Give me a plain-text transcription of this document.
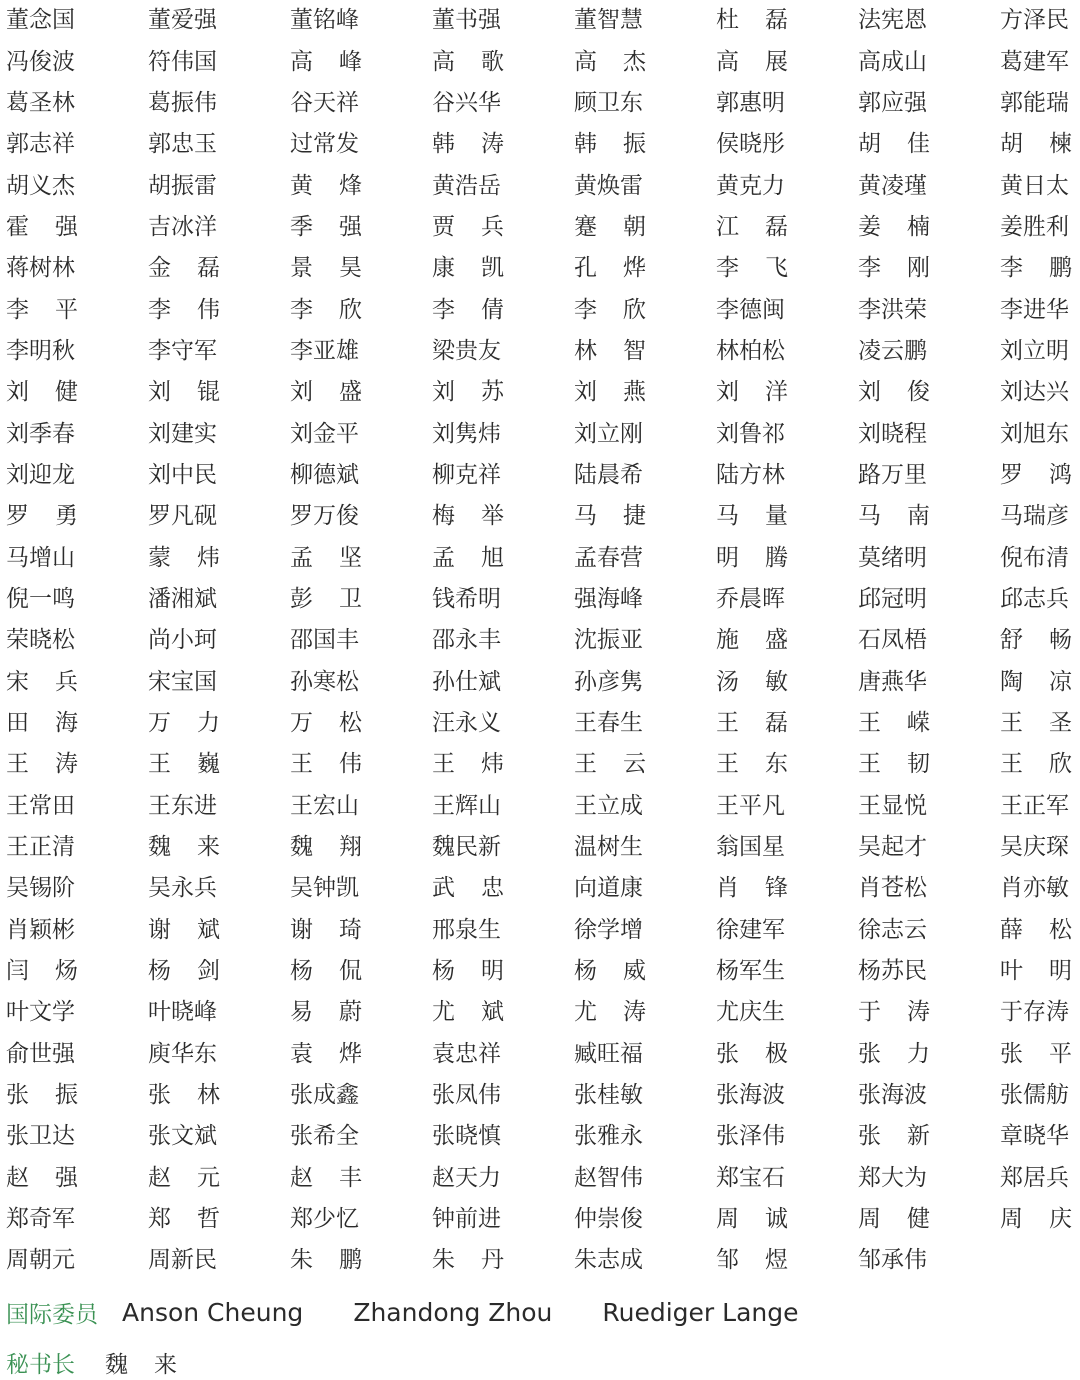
董念国	董爱强	董铭峰	董书强	董智慧	杜磊	法宪恩	方泽民
冯俊波	符伟国	高峰	高歌	高杰	高展	高成山	葛建军
葛圣林	葛振伟	谷天祥	谷兴华	顾卫东	郭惠明	郭应强	郭能瑞
郭志祥	郭忠玉	过常发	韩涛	韩振	侯晓彤	胡佳	胡楝
胡义杰	胡振雷	黄烽	黄浩岳	黄焕雷	黄克力	黄凌瑾	黄日太
霍强	吉冰洋	季强	贾兵	蹇朝	江磊	姜楠	姜胜利
蒋树林	金磊	景昊	康凯	孔烨	李飞	李刚	李鹏
李平	李伟	李欣	李倩	李欣	李德闽	李洪荣	李进华
李明秋	李守军	李亚雄	梁贵友	林智	林柏松	凌云鹏	刘立明
刘健	刘锟	刘盛	刘苏	刘燕	刘洋	刘俊	刘达兴
刘季春	刘建实	刘金平	刘隽炜	刘立刚	刘鲁祁	刘晓程	刘旭东
刘迎龙	刘中民	柳德斌	柳克祥	陆晨希	陆方林	路万里	罗鸿
罗勇	罗凡砚	罗万俊	梅举	马捷	马量	马南	马瑞彦
马增山	蒙炜	孟坚	孟旭	孟春营	明腾	莫绪明	倪布清
倪一鸣	潘湘斌	彭卫	钱希明	强海峰	乔晨晖	邱冠明	邱志兵
荣晓松	尚小珂	邵国丰	邵永丰	沈振亚	施盛	石凤梧	舒畅
宋兵	宋宝国	孙寒松	孙仕斌	孙彦隽	汤敏	唐燕华	陶凉
田海	万力	万松	汪永义	王春生	王磊	王嵘	王圣
王涛	王巍	王伟	王炜	王云	王东	王韧	王欣
王常田	王东进	王宏山	王辉山	王立成	王平凡	王显悦	王正军
王正清	魏来	魏翔	魏民新	温树生	翁国星	吴起才	吴庆琛
吴锡阶	吴永兵	吴钟凯	武忠	向道康	肖锋	肖苍松	肖亦敏
肖颖彬	谢斌	谢琦	邢泉生	徐学增	徐建军	徐志云	薛松
闫炀	杨剑	杨侃	杨明	杨威	杨军生	杨苏民	叶明
叶文学	叶晓峰	易蔚	尤斌	尤涛	尤庆生	于涛	于存涛
俞世强	庾华东	袁烨	袁忠祥	臧旺福	张极	张力	张平
张振	张林	张成鑫	张凤伟	张桂敏	张海波	张海波	张儒舫
张卫达	张文斌	张希全	张晓慎	张雅永	张泽伟	张新	章晓华
赵强	赵元	赵丰	赵天力	赵智伟	郑宝石	郑大为	郑居兵
郑奇军	郑哲	郑少忆	钟前进	仲崇俊	周诚	周健	周庆
周朝元	周新民	朱鹏	朱丹	朱志成	邹煜	邹承伟
国际委员 Anson Cheung Zhandong Zhou Ruediger Lange
秘书长 魏来
